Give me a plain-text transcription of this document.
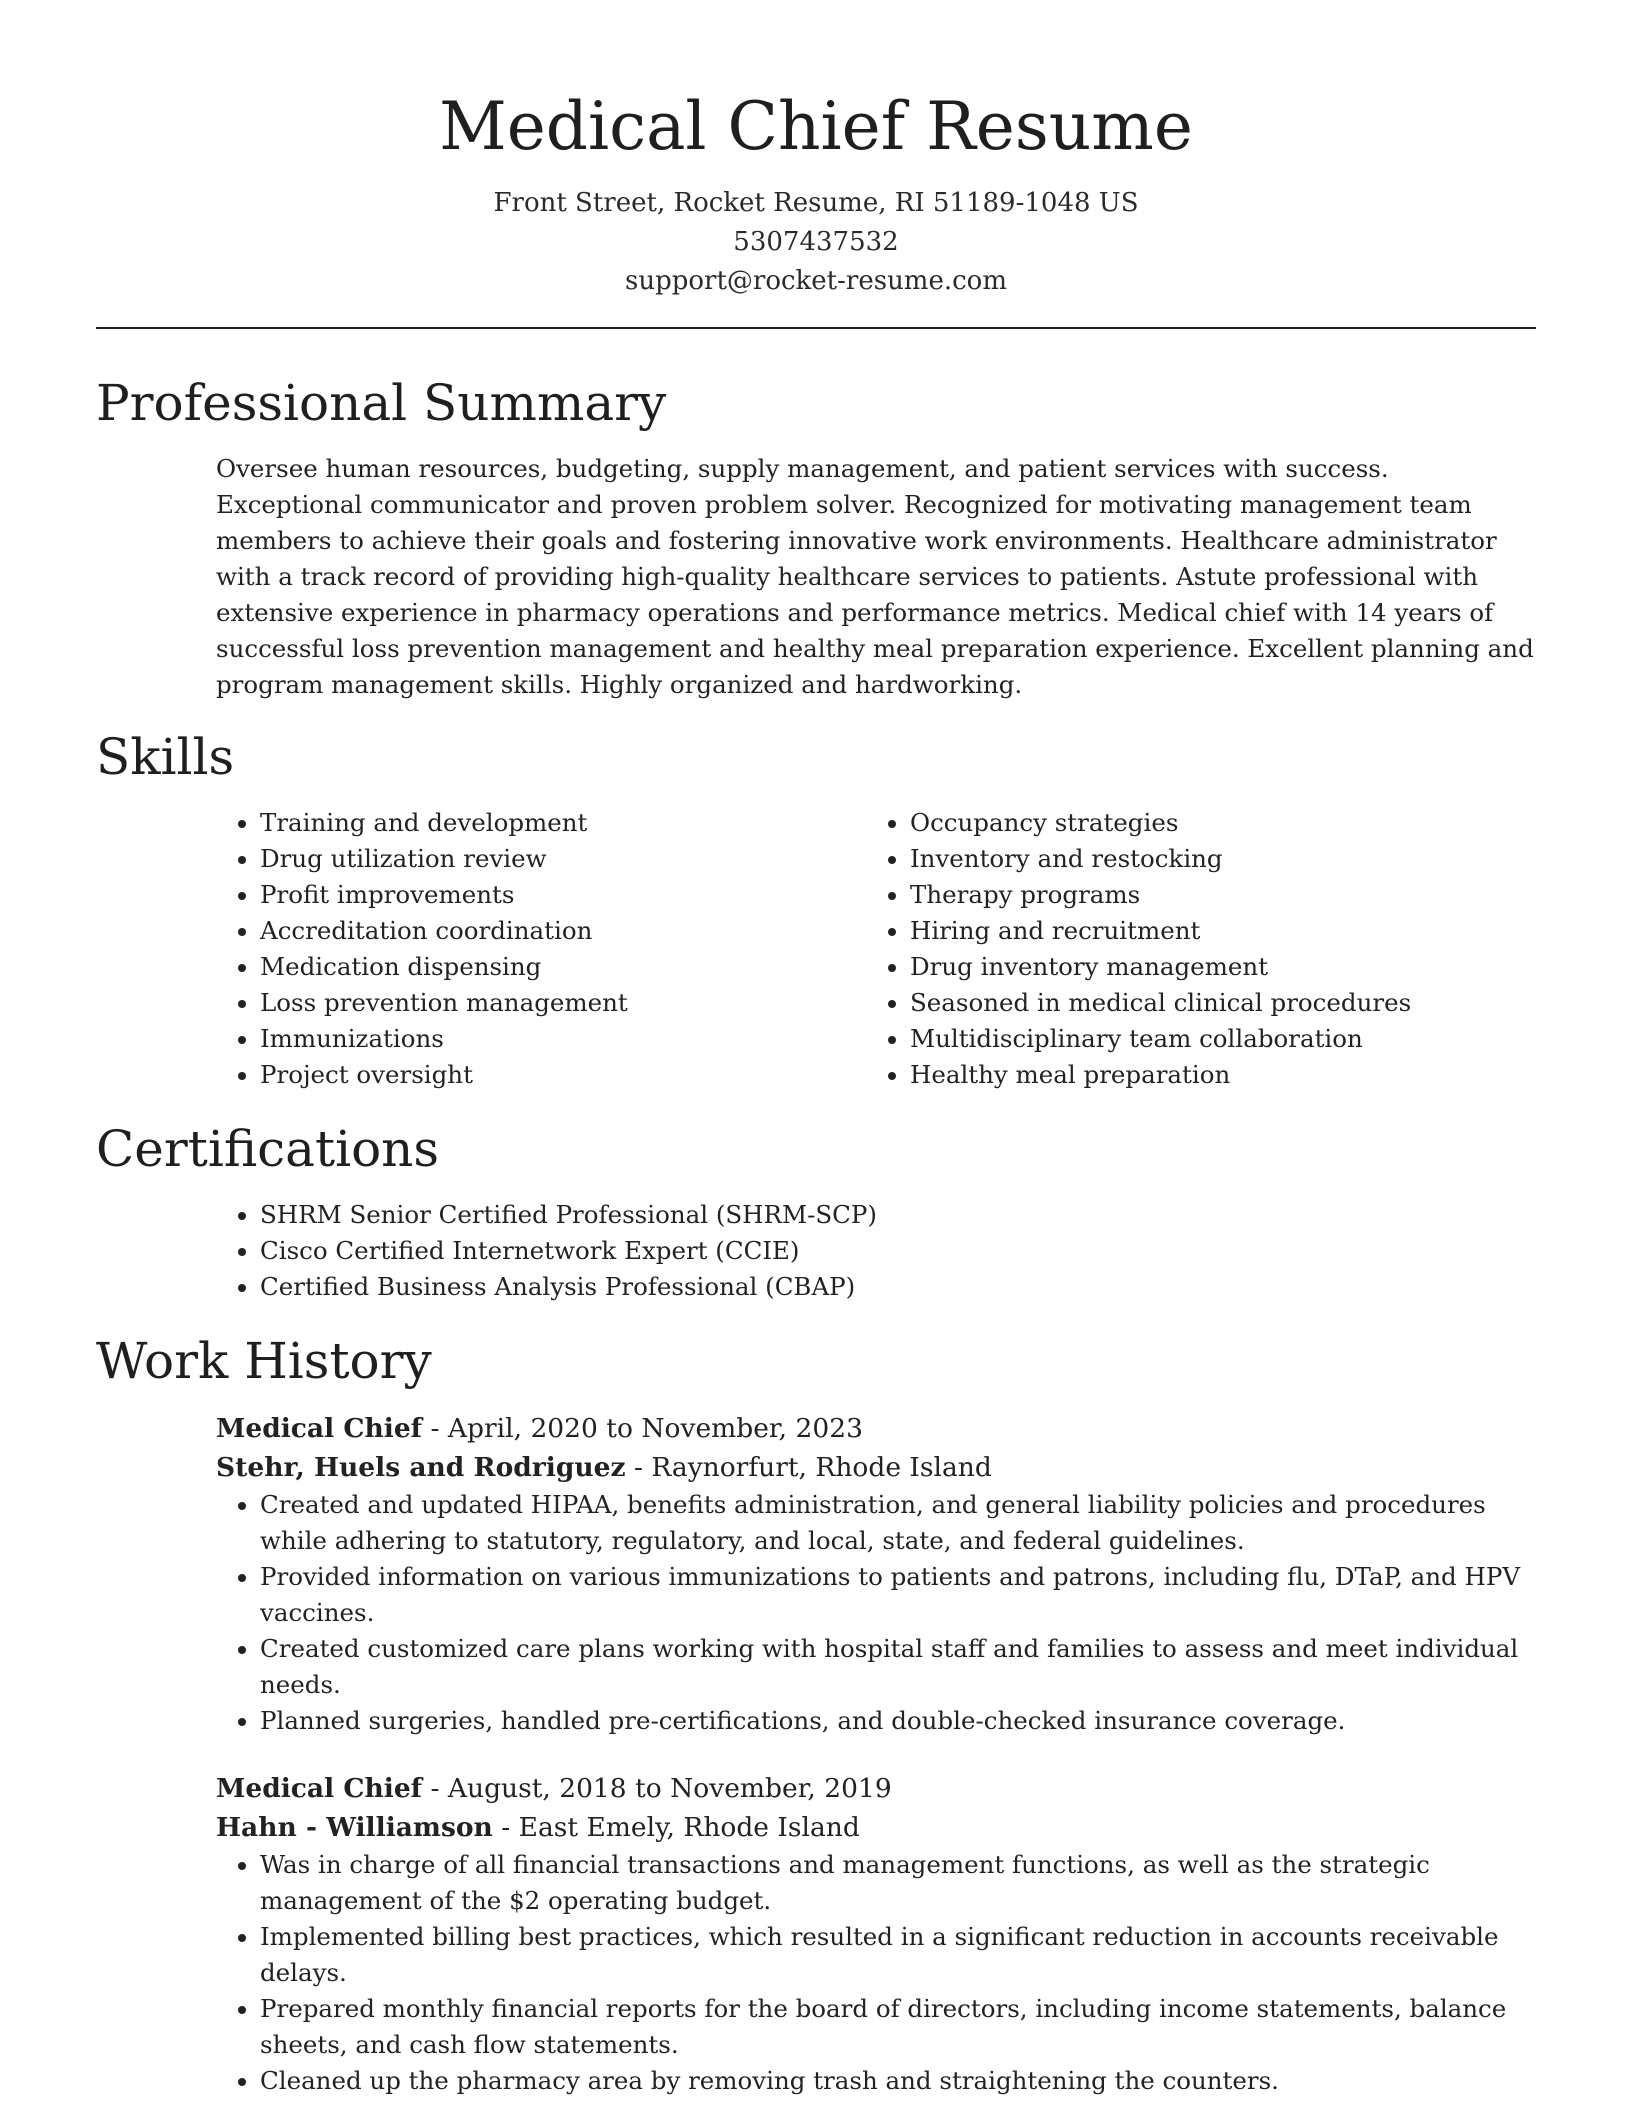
Medical Chief Resume
Front Street, Rocket Resume, RI 51189-1048 US
5307437532
support@rocket-resume.com
Professional Summary
Oversee human resources, budgeting, supply management, and patient services with success. Exceptional communicator and proven problem solver. Recognized for motivating management team members to achieve their goals and fostering innovative work environments. Healthcare administrator with a track record of providing high-quality healthcare services to patients. Astute professional with extensive experience in pharmacy operations and performance metrics. Medical chief with 14 years of successful loss prevention management and healthy meal preparation experience. Excellent planning and program management skills. Highly organized and hardworking.
Skills
• Training and development
• Drug utilization review
• Profit improvements
• Accreditation coordination
• Medication dispensing
• Loss prevention management
• Immunizations
• Project oversight
• Occupancy strategies
• Inventory and restocking
• Therapy programs
• Hiring and recruitment
• Drug inventory management
• Seasoned in medical clinical procedures
• Multidisciplinary team collaboration
• Healthy meal preparation
Certifications
• SHRM Senior Certified Professional (SHRM-SCP)
• Cisco Certified Internetwork Expert (CCIE)
• Certified Business Analysis Professional (CBAP)
Work History
Medical Chief - April, 2020 to November, 2023
Stehr, Huels and Rodriguez - Raynorfurt, Rhode Island
• Created and updated HIPAA, benefits administration, and general liability policies and procedures while adhering to statutory, regulatory, and local, state, and federal guidelines.
• Provided information on various immunizations to patients and patrons, including flu, DTaP, and HPV vaccines.
• Created customized care plans working with hospital staff and families to assess and meet individual needs.
• Planned surgeries, handled pre-certifications, and double-checked insurance coverage.
Medical Chief - August, 2018 to November, 2019
Hahn - Williamson - East Emely, Rhode Island
• Was in charge of all financial transactions and management functions, as well as the strategic management of the $2 operating budget.
• Implemented billing best practices, which resulted in a significant reduction in accounts receivable delays.
• Prepared monthly financial reports for the board of directors, including income statements, balance sheets, and cash flow statements.
• Cleaned up the pharmacy area by removing trash and straightening the counters.
